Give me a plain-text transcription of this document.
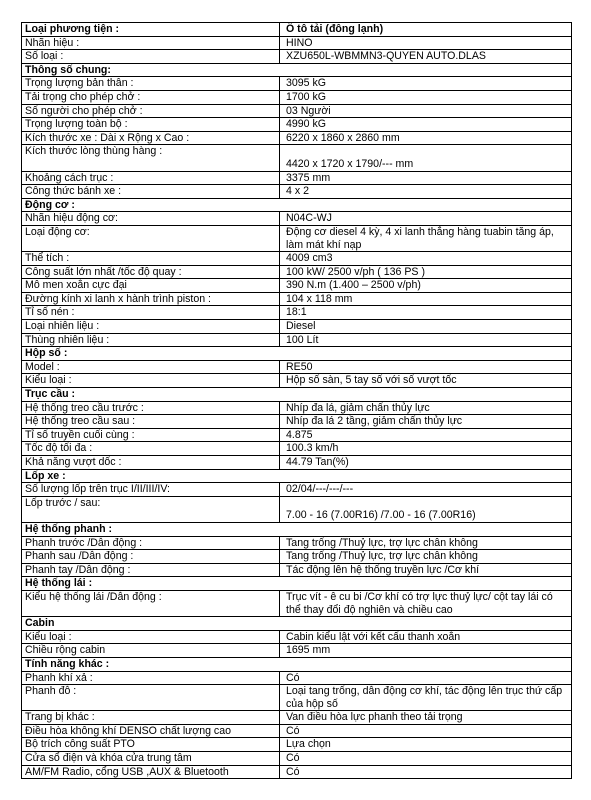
Loại phương tiện :	Ô tô tải (đông lạnh)
Nhãn hiệu :	HINO
Số loại :	XZU650L-WBMMN3-QUYEN AUTO.DLAS
Thông số chung:	
Trọng lượng bản thân :	3095 kG
Tải trọng cho phép chở :	1700 kG
Số người cho phép chở :	03 Người
Trọng lượng toàn bộ :	4990 kG
Kích thước xe : Dài x Rộng x Cao :	6220 x 1860 x 2860 mm
Kích thước lòng thùng hàng :	4420 x 1720 x 1790/--- mm
Khoảng cách trục :	3375 mm
Công thức bánh xe :	4 x 2
Động cơ :	
Nhãn hiệu động cơ:	N04C-WJ
Loại động cơ:	Động cơ diesel 4 kỳ, 4 xi lanh thẳng hàng tuabin tăng áp, làm mát khí nạp
Thể tích :	4009 cm3
Công suất lớn nhất /tốc độ quay :	100 kW/ 2500 v/ph ( 136 PS )
Mô men xoắn cực đại	390 N.m (1.400 – 2500 v/ph)
Đường kính xi lanh x hành trình piston :	104 x 118 mm
Tỉ số nén :	18:1
Loại nhiên liệu :	Diesel
Thùng nhiên liệu :	100 Lít
Hộp số :	
Model :	RE50
Kiểu loại :	Hộp số sàn, 5 tay số với số vượt tốc
Trục cầu :	
Hệ thống treo cầu trước :	Nhíp đa lá, giảm chấn thủy lực
Hệ thống treo cầu sau :	Nhíp đa lá 2 tầng, giảm chấn thủy lực
Tỉ số truyền cuối cùng :	4.875
Tốc độ tối đa :	100.3 km/h
Khả năng vượt dốc :	44.79 Tan(%)
Lốp xe :	
Số lượng lốp trên trục I/II/III/IV:	02/04/---/---/---
Lốp trước / sau:	7.00 - 16 (7.00R16) /7.00 - 16 (7.00R16)
Hệ thống phanh :	
Phanh trước /Dẫn động :	Tang trống /Thuỷ lực, trợ lực chân không
Phanh sau /Dẫn động :	Tang trống /Thuỷ lực, trợ lực chân không
Phanh tay /Dẫn động :	Tác động lên hệ thống truyền lực /Cơ khí
Hệ thống lái :	
Kiểu hệ thống lái /Dẫn động :	Trục vít - ê cu bi /Cơ khí có trợ lực thuỷ lực/ cột tay lái có thể thay đổi độ nghiên và chiều cao
Cabin	
Kiểu loại :	Cabin kiểu lật với kết cấu thanh xoắn
Chiều rộng cabin	1695 mm
Tính năng khác :	
Phanh khí xả :	Có
Phanh đỗ :	Loại tang trống, dẫn động cơ khí, tác động lên trục thứ cấp của hộp số
Trang bị khác :	Van điều hòa lực phanh theo tải trọng
Điều hòa không khí DENSO chất lượng cao	Có
Bộ trích công suất PTO	Lựa chọn
Cửa sổ điện và khóa cửa trung tâm	Có
AM/FM Radio, cổng USB ,AUX & Bluetooth	Có
